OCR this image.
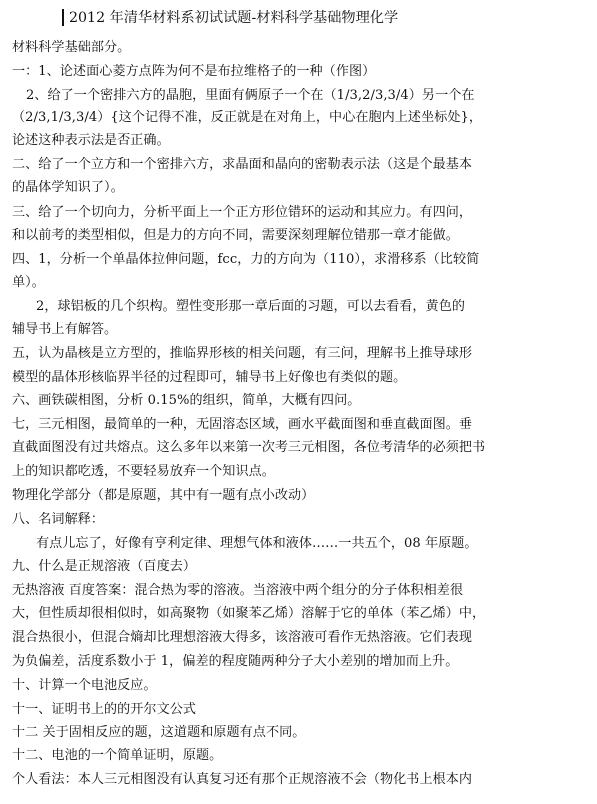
2012 年清华材料系初试试题-材料科学基础物理化学
材料科学基础部分。
一：1、论述面心菱方点阵为何不是布拉维格子的一种（作图）
2、给了一个密排六方的晶胞，里面有俩原子一个在（1/3,2/3,3/4）另一个在
（2/3,1/3,3/4）{这个记得不准，反正就是在对角上，中心在胞内上述坐标处}，
论述这种表示法是否正确。
二、给了一个立方和一个密排六方，求晶面和晶向的密勒表示法（这是个最基本
的晶体学知识了）。
三、给了一个切向力，分析平面上一个正方形位错环的运动和其应力。有四问，
和以前考的类型相似，但是力的方向不同，需要深刻理解位错那一章才能做。
四、1，分析一个单晶体拉伸问题，fcc，力的方向为（110），求滑移系（比较简
单）。
2，球铝板的几个织构。塑性变形那一章后面的习题，可以去看看，黄色的
辅导书上有解答。
五，认为晶核是立方型的，推临界形核的相关问题，有三问，理解书上推导球形
模型的晶体形核临界半径的过程即可，辅导书上好像也有类似的题。
六、画铁碳相图，分析 0.15%的组织，简单，大概有四问。
七，三元相图，最简单的一种，无固溶态区域，画水平截面图和垂直截面图。垂
直截面图没有过共熔点。这么多年以来第一次考三元相图，各位考清华的必须把书
上的知识都吃透，不要轻易放弃一个知识点。
物理化学部分（都是原题，其中有一题有点小改动）
八、名词解释：
有点儿忘了，好像有亨利定律、理想气体和液体……一共五个，08 年原题。
九、什么是正规溶液（百度去）
无热溶液 百度答案：混合热为零的溶液。当溶液中两个组分的分子体积相差很
大，但性质却很相似时，如高聚物（如聚苯乙烯）溶解于它的单体（苯乙烯）中，
混合热很小，但混合熵却比理想溶液大得多，该溶液可看作无热溶液。它们表现
为负偏差，活度系数小于 1，偏差的程度随两种分子大小差别的增加而上升。
十、计算一个电池反应。
十一、证明书上的的开尔文公式
十二 关于固相反应的题，这道题和原题有点不同。
十二、电池的一个简单证明，原题。
个人看法：本人三元相图没有认真复习还有那个正规溶液不会（物化书上根本内
